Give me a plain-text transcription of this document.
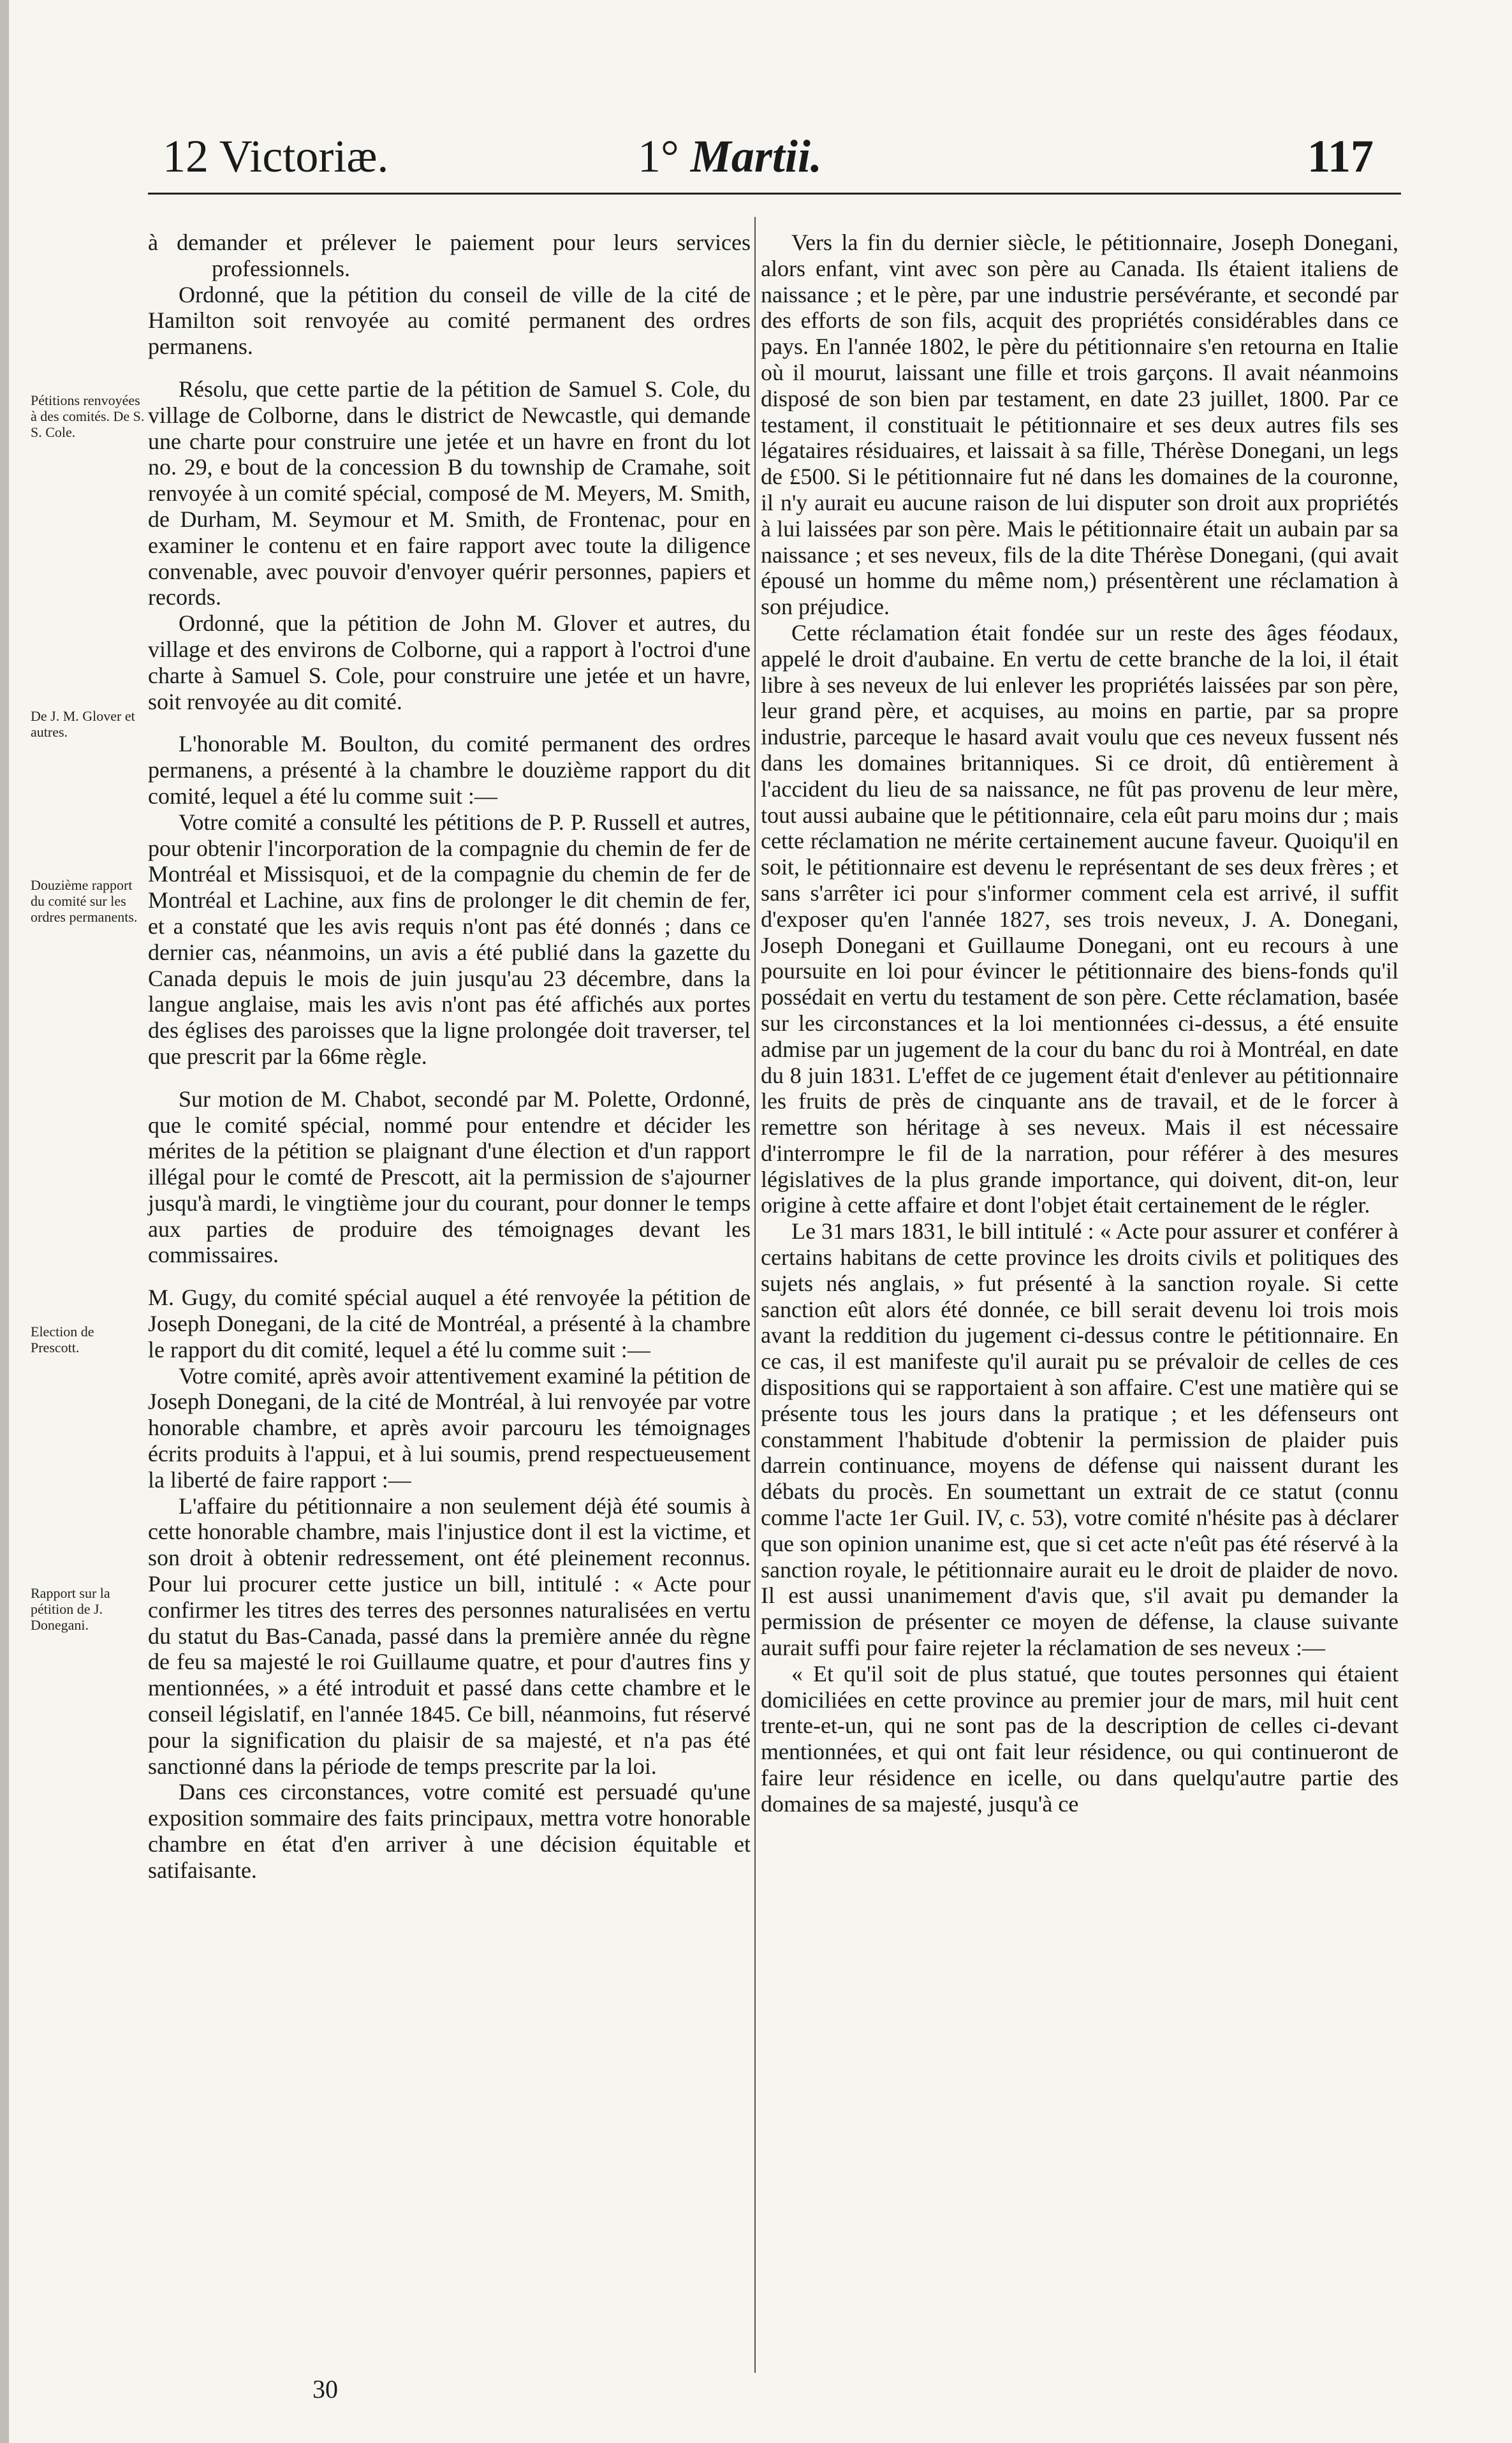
12 Victoriæ.	1° Martii.	117
Pétitions renvoyées à des comités. De S. S. Cole.
De J. M. Glover et autres.
Douzième rapport du comité sur les ordres permanents.
Election de Prescott.
Rapport sur la pétition de J. Donegani.

à demander et prélever le paiement pour leurs services professionnels.

Ordonné, que la pétition du conseil de ville de la cité de Hamilton soit renvoyée au comité permanent des ordres permanens.

Résolu, que cette partie de la pétition de Samuel S. Cole, du village de Colborne, dans le district de Newcastle, qui demande une charte pour construire une jetée et un havre en front du lot no. 29, e bout de la concession B du township de Cramahe, soit renvoyée à un comité spécial, composé de M. Meyers, M. Smith, de Durham, M. Seymour et M. Smith, de Frontenac, pour en examiner le contenu et en faire rapport avec toute la diligence convenable, avec pouvoir d'envoyer quérir personnes, papiers et records.

Ordonné, que la pétition de John M. Glover et autres, du village et des environs de Colborne, qui a rapport à l'octroi d'une charte à Samuel S. Cole, pour construire une jetée et un havre, soit renvoyée au dit comité.

L'honorable M. Boulton, du comité permanent des ordres permanens, a présenté à la chambre le douzième rapport du dit comité, lequel a été lu comme suit :—

Votre comité a consulté les pétitions de P. P. Russell et autres, pour obtenir l'incorporation de la compagnie du chemin de fer de Montréal et Missisquoi, et de la compagnie du chemin de fer de Montréal et Lachine, aux fins de prolonger le dit chemin de fer, et a constaté que les avis requis n'ont pas été donnés ; dans ce dernier cas, néanmoins, un avis a été publié dans la gazette du Canada depuis le mois de juin jusqu'au 23 décembre, dans la langue anglaise, mais les avis n'ont pas été affichés aux portes des églises des paroisses que la ligne prolongée doit traverser, tel que prescrit par la 66me règle.

Sur motion de M. Chabot, secondé par M. Polette, Ordonné, que le comité spécial, nommé pour entendre et décider les mérites de la pétition se plaignant d'une élection et d'un rapport illégal pour le comté de Prescott, ait la permission de s'ajourner jusqu'à mardi, le vingtième jour du courant, pour donner le temps aux parties de produire des témoignages devant les commissaires.

M. Gugy, du comité spécial auquel a été renvoyée la pétition de Joseph Donegani, de la cité de Montréal, a présenté à la chambre le rapport du dit comité, lequel a été lu comme suit :—

Votre comité, après avoir attentivement examiné la pétition de Joseph Donegani, de la cité de Montréal, à lui renvoyée par votre honorable chambre, et après avoir parcouru les témoignages écrits produits à l'appui, et à lui soumis, prend respectueusement la liberté de faire rapport :—

L'affaire du pétitionnaire a non seulement déjà été soumis à cette honorable chambre, mais l'injustice dont il est la victime, et son droit à obtenir redressement, ont été pleinement reconnus. Pour lui procurer cette justice un bill, intitulé : « Acte pour confirmer les titres des terres des personnes naturalisées en vertu du statut du Bas-Canada, passé dans la première année du règne de feu sa majesté le roi Guillaume quatre, et pour d'autres fins y mentionnées, » a été introduit et passé dans cette chambre et le conseil législatif, en l'année 1845. Ce bill, néanmoins, fut réservé pour la signification du plaisir de sa majesté, et n'a pas été sanctionné dans la période de temps prescrite par la loi.

Dans ces circonstances, votre comité est persuadé qu'une exposition sommaire des faits principaux, mettra votre honorable chambre en état d'en arriver à une décision équitable et satifaisante.

Vers la fin du dernier siècle, le pétitionnaire, Joseph Donegani, alors enfant, vint avec son père au Canada. Ils étaient italiens de naissance ; et le père, par une industrie persévérante, et secondé par des efforts de son fils, acquit des propriétés considérables dans ce pays. En l'année 1802, le père du pétitionnaire s'en retourna en Italie où il mourut, laissant une fille et trois garçons. Il avait néanmoins disposé de son bien par testament, en date 23 juillet, 1800. Par ce testament, il constituait le pétitionnaire et ses deux autres fils ses légataires résiduaires, et laissait à sa fille, Thérèse Donegani, un legs de £500. Si le pétitionnaire fut né dans les domaines de la couronne, il n'y aurait eu aucune raison de lui disputer son droit aux propriétés à lui laissées par son père. Mais le pétitionnaire était un aubain par sa naissance ; et ses neveux, fils de la dite Thérèse Donegani, (qui avait épousé un homme du même nom,) présentèrent une réclamation à son préjudice.

Cette réclamation était fondée sur un reste des âges féodaux, appelé le droit d'aubaine. En vertu de cette branche de la loi, il était libre à ses neveux de lui enlever les propriétés laissées par son père, leur grand père, et acquises, au moins en partie, par sa propre industrie, parceque le hasard avait voulu que ces neveux fussent nés dans les domaines britanniques. Si ce droit, dû entièrement à l'accident du lieu de sa naissance, ne fût pas provenu de leur mère, tout aussi aubaine que le pétitionnaire, cela eût paru moins dur ; mais cette réclamation ne mérite certainement aucune faveur. Quoiqu'il en soit, le pétitionnaire est devenu le représentant de ses deux frères ; et sans s'arrêter ici pour s'informer comment cela est arrivé, il suffit d'exposer qu'en l'année 1827, ses trois neveux, J. A. Donegani, Joseph Donegani et Guillaume Donegani, ont eu recours à une poursuite en loi pour évincer le pétitionnaire des biens-fonds qu'il possédait en vertu du testament de son père. Cette réclamation, basée sur les circonstances et la loi mentionnées ci-dessus, a été ensuite admise par un jugement de la cour du banc du roi à Montréal, en date du 8 juin 1831. L'effet de ce jugement était d'enlever au pétitionnaire les fruits de près de cinquante ans de travail, et de le forcer à remettre son héritage à ses neveux. Mais il est nécessaire d'interrompre le fil de la narration, pour référer à des mesures législatives de la plus grande importance, qui doivent, dit-on, leur origine à cette affaire et dont l'objet était certainement de le régler.

Le 31 mars 1831, le bill intitulé : « Acte pour assurer et conférer à certains habitans de cette province les droits civils et politiques des sujets nés anglais, » fut présenté à la sanction royale. Si cette sanction eût alors été donnée, ce bill serait devenu loi trois mois avant la reddition du jugement ci-dessus contre le pétitionnaire. En ce cas, il est manifeste qu'il aurait pu se prévaloir de celles de ces dispositions qui se rapportaient à son affaire. C'est une matière qui se présente tous les jours dans la pratique ; et les défenseurs ont constamment l'habitude d'obtenir la permission de plaider puis darrein continuance, moyens de défense qui naissent durant les débats du procès. En soumettant un extrait de ce statut (connu comme l'acte 1er Guil. IV, c. 53), votre comité n'hésite pas à déclarer que son opinion unanime est, que si cet acte n'eût pas été réservé à la sanction royale, le pétitionnaire aurait eu le droit de plaider de novo. Il est aussi unanimement d'avis que, s'il avait pu demander la permission de présenter ce moyen de défense, la clause suivante aurait suffi pour faire rejeter la réclamation de ses neveux :—

« Et qu'il soit de plus statué, que toutes personnes qui étaient domiciliées en cette province au premier jour de mars, mil huit cent trente-et-un, qui ne sont pas de la description de celles ci-devant mentionnées, et qui ont fait leur résidence, ou qui continueront de faire leur résidence en icelle, ou dans quelqu'autre partie des domaines de sa majesté, jusqu'à ce

30
